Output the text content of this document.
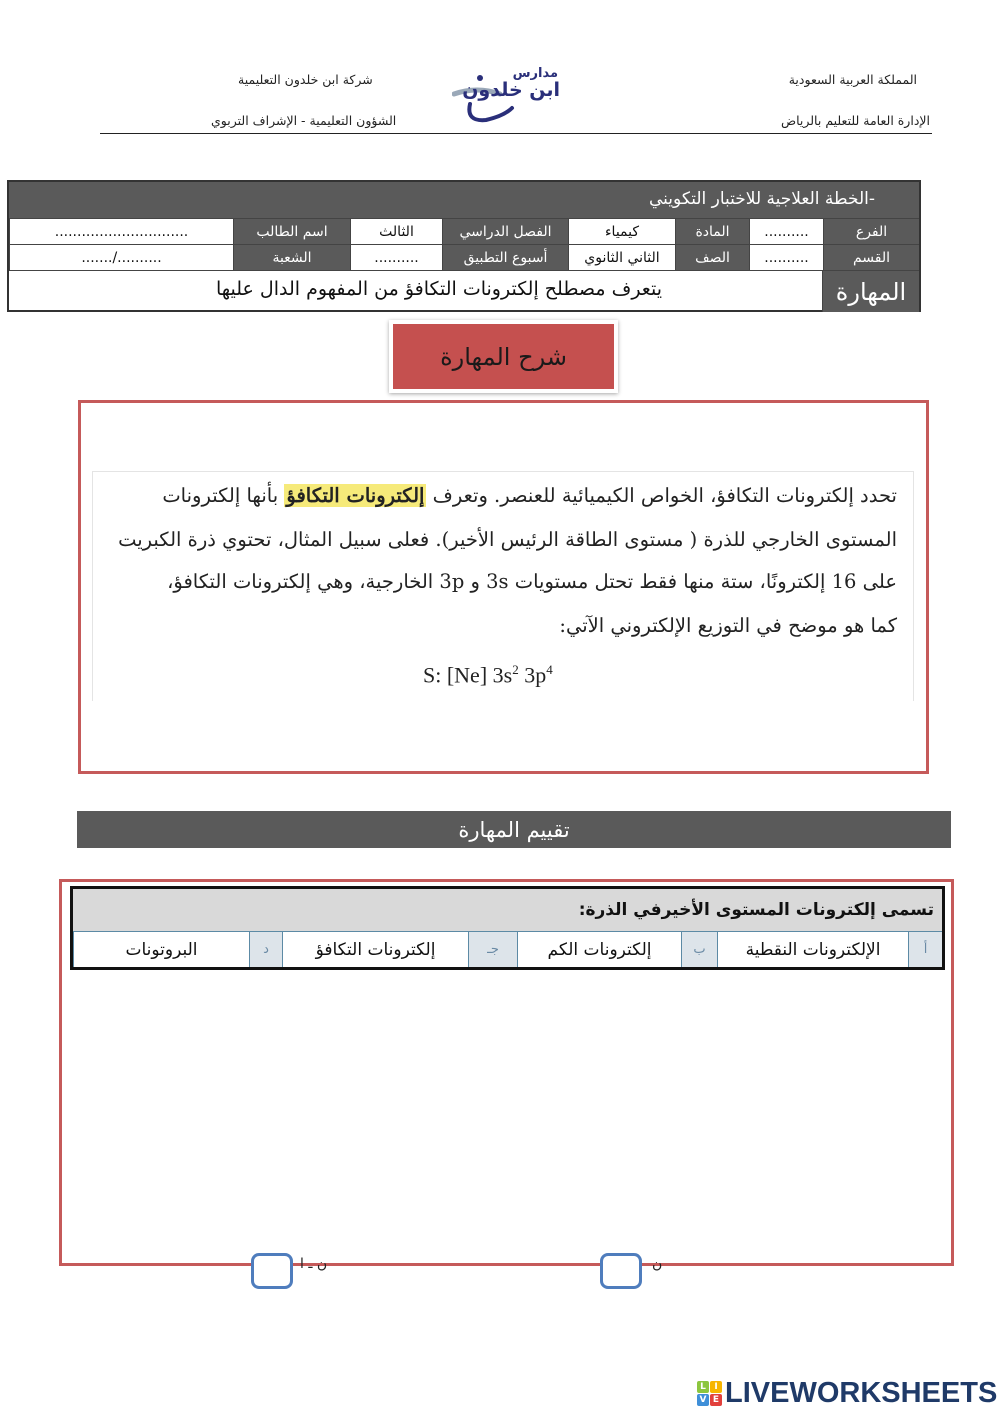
المملكة العربية السعودية
الإدارة العامة للتعليم بالرياض
شركة ابن خلدون التعليمية
الشؤون التعليمية - الإشراف التربوي
مدارس
ابن خلدون
-الخطة العلاجية للاختبار التكويني
الفرع
..........
المادة
كيمياء
الفصل الدراسي
الثالث
اسم الطالب
..............................
القسم
..........
الصف
الثاني الثانوي
أسبوع التطبيق
..........
الشعبة
........../.......
المهارة
يتعرف مصطلح إلكترونات التكافؤ من المفهوم الدال عليها
شرح المهارة

تحدد إلكترونات التكافؤ، الخواص الكيميائية للعنصر. وتعرف إلكترونات التكافؤ بأنها إلكترونات

المستوى الخارجي للذرة ( مستوى الطاقة الرئيس الأخير). فعلى سبيل المثال، تحتوي ذرة الكبريت

على 16 إلكترونًا، ستة منها فقط تحتل مستويات 3s و 3p الخارجية، وهي إلكترونات التكافؤ،

كما هو موضح في التوزيع الإلكتروني الآتي:

S: [Ne] $3s^2$ $3p^4$
تقييم المهارة
تسمى إلكترونات المستوى الأخيرفي الذرة:
أ
الإلكترونات النقطية
ب
إلكترونات الكم
جـ
إلكترونات التكافؤ
د
البروتونات
ن
ن ـ ا
L I
V E LIVEWORKSHEETS
